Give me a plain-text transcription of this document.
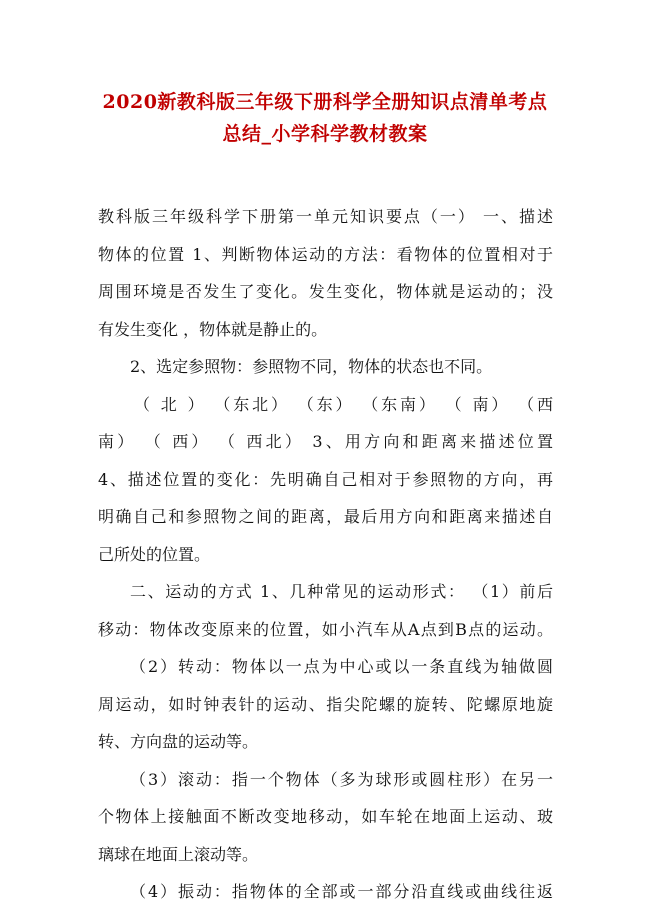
2020新教科版三年级下册科学全册知识点清单考点
总结_小学科学教材教案
教科版三年级科学下册第一单元知识要点（一） 一、描述
物体的位置 1、判断物体运动的方法：看物体的位置相对于
周围环境是否发生了变化。发生变化，物体就是运动的；没
有发生变化 ，物体就是静止的。
2、选定参照物：参照物不同，物体的状态也不同。
（ 北 ） （东北） （东） （东南） （ 南） （西
南） （ 西） （ 西北） 3、用方向和距离来描述位置
4、描述位置的变化：先明确自己相对于参照物的方向，再
明确自己和参照物之间的距离，最后用方向和距离来描述自
己所处的位置。
二、运动的方式 1、几种常见的运动形式： （1）前后
移动：物体改变原来的位置，如小汽车从A点到B点的运动。
（2）转动：物体以一点为中心或以一条直线为轴做圆
周运动，如时钟表针的运动、指尖陀螺的旋转、陀螺原地旋
转、方向盘的运动等。
（3）滚动：指一个物体（多为球形或圆柱形）在另一
个物体上接触面不断改变地移动，如车轮在地面上运动、玻
璃球在地面上滚动等。
（4）振动：指物体的全部或一部分沿直线或曲线往返
